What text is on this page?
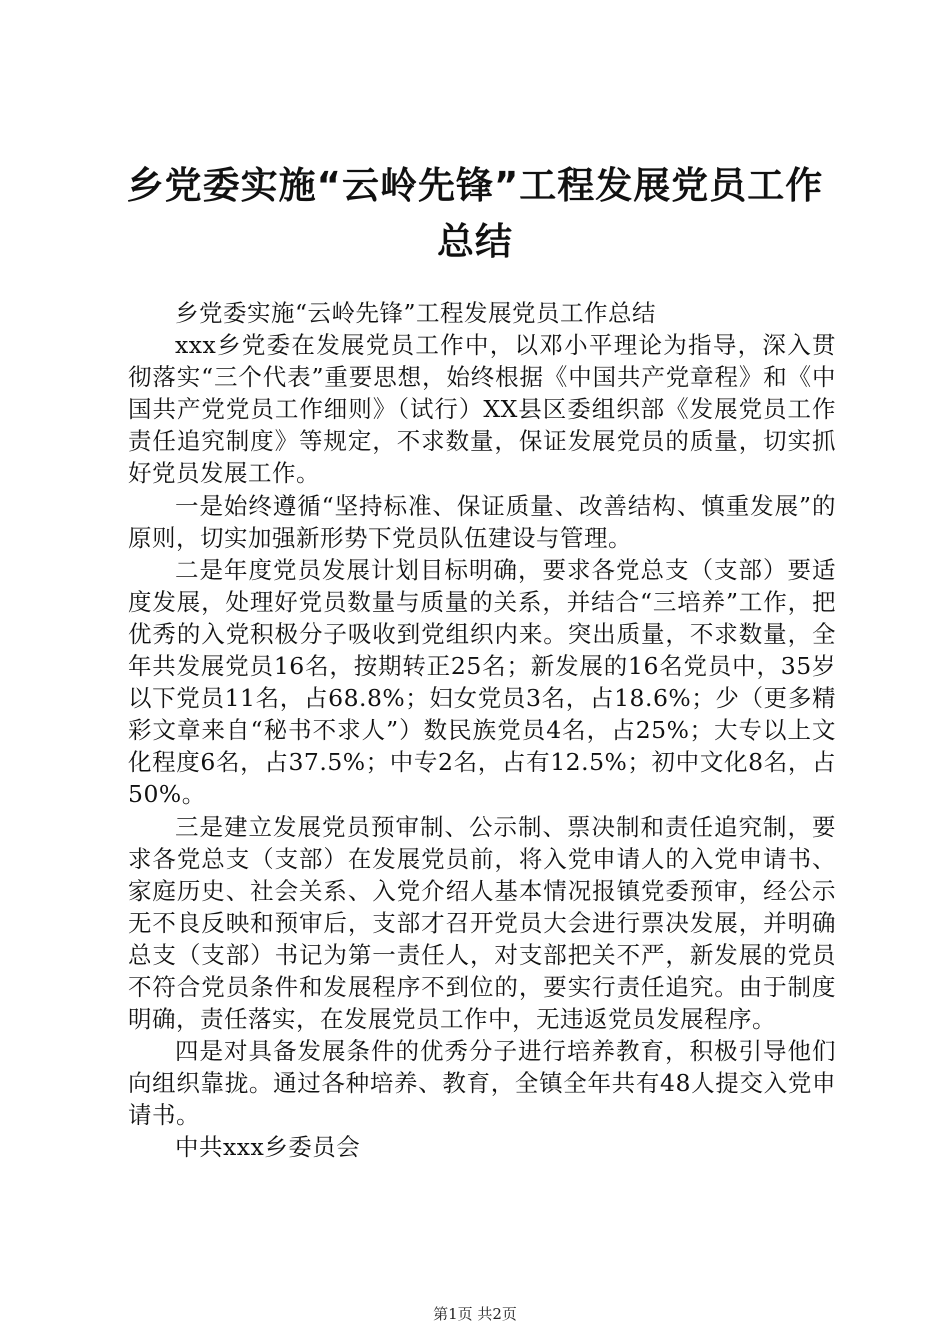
乡党委实施“云岭先锋”工程发展党员工作总结

乡党委实施“云岭先锋”工程发展党员工作总结

xxx乡党委在发展党员工作中，以邓小平理论为指导，深入贯彻落实“三个代表”重要思想，始终根据《中国共产党章程》和《中国共产党党员工作细则》（试行）XX县区委组织部《发展党员工作责任追究制度》等规定，不求数量，保证发展党员的质量，切实抓好党员发展工作。

一是始终遵循“坚持标准、保证质量、改善结构、慎重发展”的原则，切实加强新形势下党员队伍建设与管理。

二是年度党员发展计划目标明确，要求各党总支（支部）要适度发展，处理好党员数量与质量的关系，并结合“三培养”工作，把优秀的入党积极分子吸收到党组织内来。突出质量，不求数量，全年共发展党员16名，按期转正25名；新发展的16名党员中，35岁以下党员11名，占68.8%；妇女党员3名，占18.6%；少（更多精彩文章来自“秘书不求人”）数民族党员4名，占25%；大专以上文化程度6名，占37.5%；中专2名，占有12.5%；初中文化8名，占50%。

三是建立发展党员预审制、公示制、票决制和责任追究制，要求各党总支（支部）在发展党员前，将入党申请人的入党申请书、家庭历史、社会关系、入党介绍人基本情况报镇党委预审，经公示无不良反映和预审后，支部才召开党员大会进行票决发展，并明确总支（支部）书记为第一责任人，对支部把关不严，新发展的党员不符合党员条件和发展程序不到位的，要实行责任追究。由于制度明确，责任落实，在发展党员工作中，无违返党员发展程序。

四是对具备发展条件的优秀分子进行培养教育，积极引导他们向组织靠拢。通过各种培养、教育，全镇全年共有48人提交入党申请书。

中共xxx乡委员会

第1页 共2页
